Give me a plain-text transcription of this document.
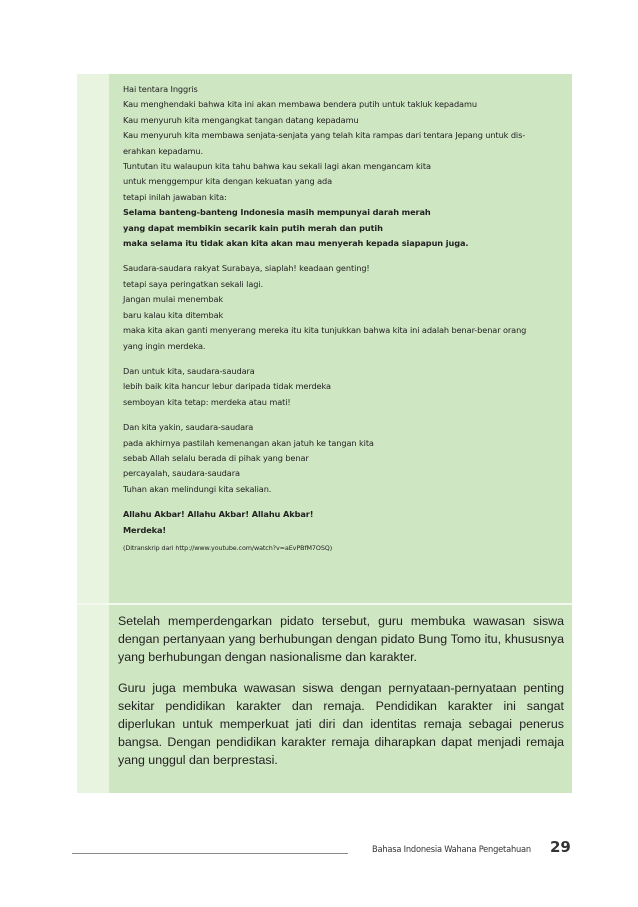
Hai tentara Inggris
Kau menghendaki bahwa kita ini akan membawa bendera putih untuk takluk kepadamu
Kau menyuruh kita mengangkat tangan datang kepadamu
Kau menyuruh kita membawa senjata-senjata yang telah kita rampas dari tentara Jepang untuk dis-
erahkan kepadamu.
Tuntutan itu walaupun kita tahu bahwa kau sekali lagi akan mengancam kita
untuk menggempur kita dengan kekuatan yang ada
tetapi inilah jawaban kita:
Selama banteng-banteng Indonesia masih mempunyai darah merah
yang dapat membikin secarik kain putih merah dan putih
maka selama itu tidak akan kita akan mau menyerah kepada siapapun juga.
Saudara-saudara rakyat Surabaya, siaplah! keadaan genting!
tetapi saya peringatkan sekali lagi.
Jangan mulai menembak
baru kalau kita ditembak
maka kita akan ganti menyerang mereka itu kita tunjukkan bahwa kita ini adalah benar-benar orang
yang ingin merdeka.
Dan untuk kita, saudara-saudara
lebih baik kita hancur lebur daripada tidak merdeka
semboyan kita tetap: merdeka atau mati!
Dan kita yakin, saudara-saudara
pada akhirnya pastilah kemenangan akan jatuh ke tangan kita
sebab Allah selalu berada di pihak yang benar
percayalah, saudara-saudara
Tuhan akan melindungi kita sekalian.
Allahu Akbar! Allahu Akbar! Allahu Akbar!
Merdeka!
(Ditranskrip dari http://www.youtube.com/watch?v=aEvPBfM7OSQ)

Setelah memperdengarkan pidato tersebut, guru membuka wawasan siswa dengan pertanyaan yang berhubungan dengan pidato Bung Tomo itu, khususnya yang berhubungan dengan nasionalisme dan karakter.

Guru juga membuka wawasan siswa dengan pernyataan-pernyataan penting sekitar pendidikan karakter dan remaja. Pendidikan karakter ini sangat diperlukan untuk memperkuat jati diri dan identitas remaja sebagai penerus bangsa. Dengan pendidikan karakter remaja diharapkan dapat menjadi remaja yang unggul dan berprestasi.

Bahasa Indonesia Wahana Pengetahuan 29
